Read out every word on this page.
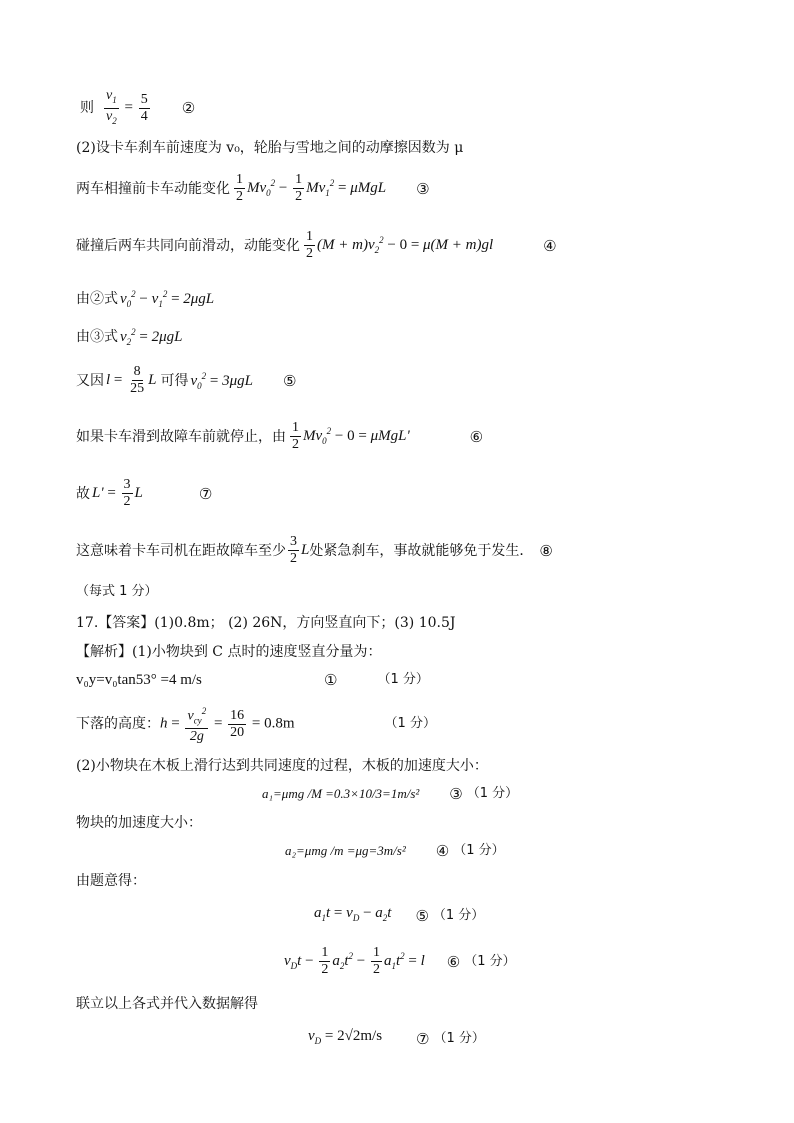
则 $\frac{v_1}{v_2} = \frac{5}{4}$ ②
(2)设卡车刹车前速度为 v₀，轮胎与雪地之间的动摩擦因数为 μ
两车相撞前卡车动能变化 $\frac{1}{2} Mv_0^2 - \frac{1}{2} Mv_1^2 = \mu MgL$ ③
碰撞后两车共同向前滑动，动能变化 $\frac{1}{2} (M + m)v_2^2 - 0 = \mu(M + m)gl$	④
由②式 $v_0^2 - v_1^2 = 2\mu gL$
由③式 $v_2^2 = 2\mu gL$
又因 $l = \frac{8}{25}$ L 可得 $v_0^2 = 3\mu gL$ ⑤
如果卡车滑到故障车前就停止，由 $\frac{1}{2} Mv_0^2 - 0 = \mu MgL'$	⑥
故 $L' = \frac{3}{2}$ L	⑦
这意味着卡车司机在距故障车至少 $\frac{3}{2}$ L 处紧急刹车，事故就能够免于发生． ⑧
（每式 1 分）
17.【答案】(1)0.8m； (2) 26N，方向竖直向下；(3) 10.5J
【解析】(1)小物块到 C 点时的速度竖直分量为：
v₀y=v₀tan53° =4 m/s	①	（1 分）
下落的高度： $h = \frac{v_{cy}^2}{2g} = \frac{16}{20} = 0.8m$	（1 分）
(2)小物块在木板上滑行达到共同速度的过程，木板的加速度大小：
a₁=μmg /M =0.3×10/3=1m/s² ③ （1 分）
物块的加速度大小：
a₂=μmg /m =μg=3m/s² ④ （1 分）
由题意得：
$a_1t = v_D - a_2t$ ⑤ （1 分）
$v_Dt - \frac{1}{2} a_2t^2 - \frac{1}{2} a_1t^2 = l$ ⑥ （1 分）
联立以上各式并代入数据解得
$v_D = 2√2m/s$ ⑦ （1 分）
